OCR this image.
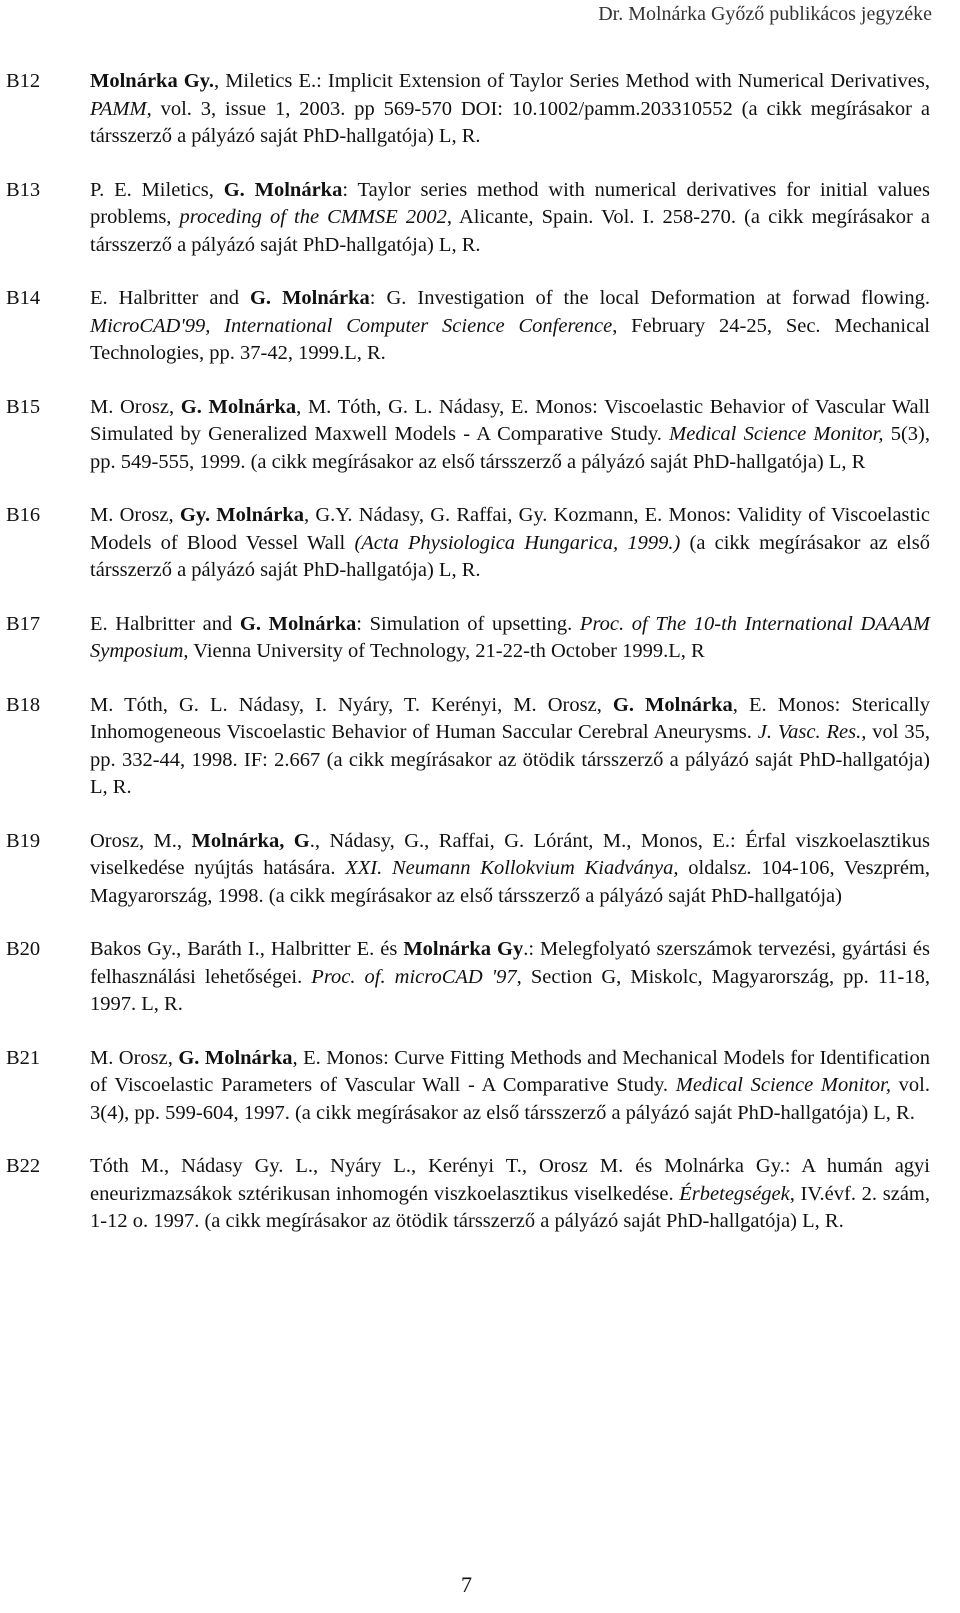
Dr. Molnárka Győző publikácos jegyzéke
B12 Molnárka Gy., Miletics E.: Implicit Extension of Taylor Series Method with Numerical Derivatives, PAMM, vol. 3, issue 1, 2003. pp 569-570 DOI: 10.1002/pamm.203310552 (a cikk megírásakor a társszerző a pályázó saját PhD-hallgatója) L, R.
B13 P. E. Miletics, G. Molnárka: Taylor series method with numerical derivatives for initial values problems, proceding of the CMMSE 2002, Alicante, Spain. Vol. I. 258-270. (a cikk megírásakor a társszerző a pályázó saját PhD-hallgatója) L, R.
B14 E. Halbritter and G. Molnárka: G. Investigation of the local Deformation at forwad flowing. MicroCAD'99, International Computer Science Conference, February 24-25, Sec. Mechanical Technologies, pp. 37-42, 1999.L, R.
B15 M. Orosz, G. Molnárka, M. Tóth, G. L. Nádasy, E. Monos: Viscoelastic Behavior of Vascular Wall Simulated by Generalized Maxwell Models - A Comparative Study. Medical Science Monitor, 5(3), pp. 549-555, 1999. (a cikk megírásakor az első társszerző a pályázó saját PhD-hallgatója) L, R
B16 M. Orosz, Gy. Molnárka, G.Y. Nádasy, G. Raffai, Gy. Kozmann, E. Monos: Validity of Viscoelastic Models of Blood Vessel Wall (Acta Physiologica Hungarica, 1999.) (a cikk megírásakor az első társszerző a pályázó saját PhD-hallgatója) L, R.
B17 E. Halbritter and G. Molnárka: Simulation of upsetting. Proc. of The 10-th International DAAAM Symposium, Vienna University of Technology, 21-22-th October 1999.L, R
B18 M. Tóth, G. L. Nádasy, I. Nyáry, T. Kerényi, M. Orosz, G. Molnárka, E. Monos: Sterically Inhomogeneous Viscoelastic Behavior of Human Saccular Cerebral Aneurysms. J. Vasc. Res., vol 35, pp. 332-44, 1998. IF: 2.667 (a cikk megírásakor az ötödik társszerző a pályázó saját PhD-hallgatója) L, R.
B19 Orosz, M., Molnárka, G., Nádasy, G., Raffai, G. Lóránt, M., Monos, E.: Érfal viszkoelasztikus viselkedése nyújtás hatására. XXI. Neumann Kollokvium Kiadványa, oldalsz. 104-106, Veszprém, Magyarország, 1998. (a cikk megírásakor az első társszerző a pályázó saját PhD-hallgatója)
B20 Bakos Gy., Baráth I., Halbritter E. és Molnárka Gy.: Melegfolyató szerszámok tervezési, gyártási és felhasználási lehetőségei. Proc. of. microCAD '97, Section G, Miskolc, Magyarország, pp. 11-18, 1997. L, R.
B21 M. Orosz, G. Molnárka, E. Monos: Curve Fitting Methods and Mechanical Models for Identification of Viscoelastic Parameters of Vascular Wall - A Comparative Study. Medical Science Monitor, vol. 3(4), pp. 599-604, 1997. (a cikk megírásakor az első társszerző a pályázó saját PhD-hallgatója) L, R.
B22 Tóth M., Nádasy Gy. L., Nyáry L., Kerényi T., Orosz M. és Molnárka Gy.: A humán agyi eneurizmazsákok sztérikusan inhomogén viszkoelasztikus viselkedése. Érbetegségek, IV.évf. 2. szám, 1-12 o. 1997. (a cikk megírásakor az ötödik társszerző a pályázó saját PhD-hallgatója) L, R.
7
